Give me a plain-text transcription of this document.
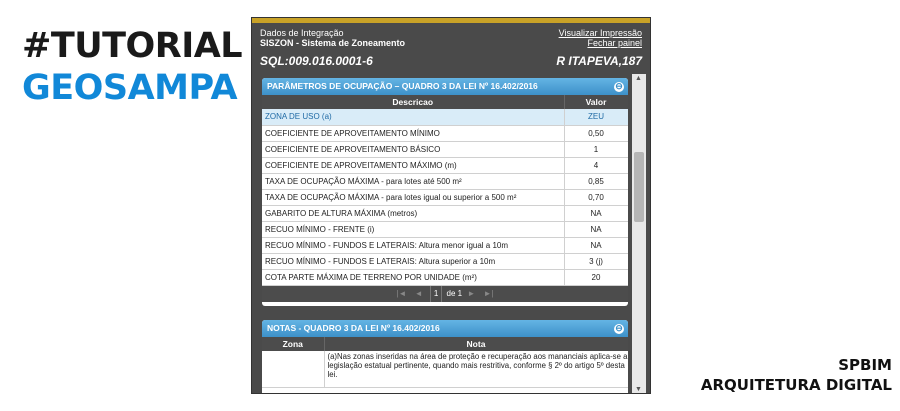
#TUTORIAL
GEOSAMPA
SPBIM
ARQUITETURA DIGITAL
Dados de Integração
SISZON - Sistema de Zoneamento
Visualizar Impressão
Fechar painel
SQL:009.016.0001-6	R ITAPEVA,187
PARÂMETROS DE OCUPAÇÃO – QUADRO 3 DA LEI Nº 16.402/2016	⊖
Descricao	Valor
ZONA DE USO (a)	ZEU
COEFICIENTE DE APROVEITAMENTO MÍNIMO	0,50
COEFICIENTE DE APROVEITAMENTO BÁSICO	1
COEFICIENTE DE APROVEITAMENTO MÁXIMO (m)	4
TAXA DE OCUPAÇÃO MÁXIMA - para lotes até 500 m²	0,85
TAXA DE OCUPAÇÃO MÁXIMA - para lotes igual ou superior a 500 m²	0,70
GABARITO DE ALTURA MÁXIMA (metros)	NA
RECUO MÍNIMO - FRENTE (i)	NA
RECUO MÍNIMO - FUNDOS E LATERAIS: Altura menor igual a 10m	NA
RECUO MÍNIMO - FUNDOS E LATERAIS: Altura superior a 10m	3 (j)
COTA PARTE MÁXIMA DE TERRENO POR UNIDADE (m²)	20
|◄ ◄ 1 de 1 ► ►|
NOTAS - QUADRO 3 DA LEI Nº 16.402/2016	⊖
Zona	Nota
	(a)Nas zonas inseridas na área de proteção e recuperação aos mananciais aplica-se a legislação estatual pertinente, quando mais restritiva, conforme § 2º do artigo 5º desta lei.
▲
▼
